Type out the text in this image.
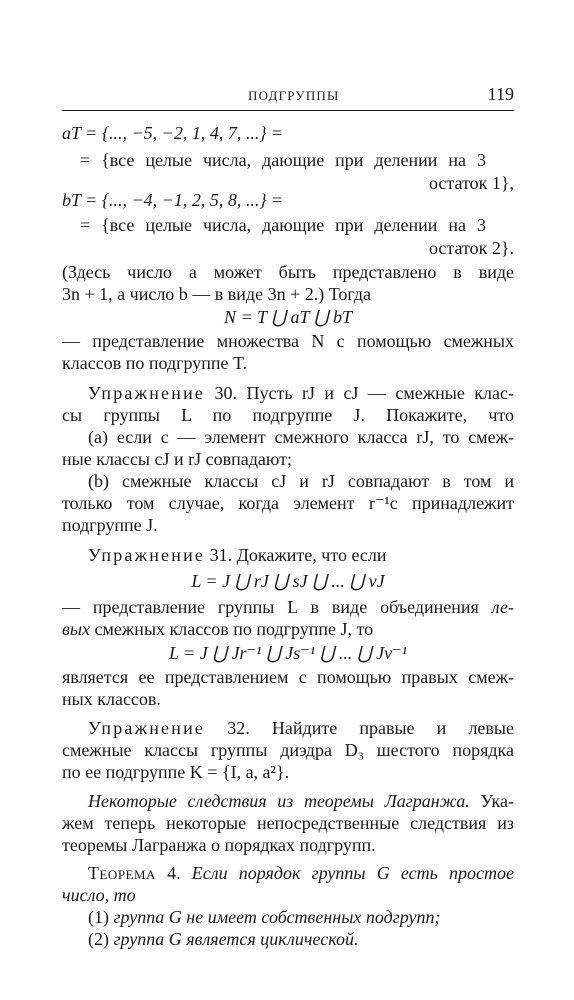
ПОДГРУППЫ	119
aT = {..., −5, −2, 1, 4, 7, ...} =
= {все целые числа, дающие при делении на 3
остаток 1},
bT = {..., −4, −1, 2, 5, 8, ...} =
= {все целые числа, дающие при делении на 3
остаток 2}.
(Здесь число a может быть представлено в виде
3n + 1, а число b — в виде 3n + 2.) Тогда
N = T ⋃ aT ⋃ bT
— представление множества N с помощью смежных
классов по подгруппе T.
Упражнение 30. Пусть rJ и cJ — смежные клас-
сы группы L по подгруппе J. Покажите, что
(a) если c — элемент смежного класса rJ, то смеж-
ные классы cJ и rJ совпадают;
(b) смежные классы cJ и rJ совпадают в том и
только том случае, когда элемент r⁻¹c принадлежит
подгруппе J.
Упражнение 31. Докажите, что если
L = J ⋃ rJ ⋃ sJ ⋃ ... ⋃ vJ
— представление группы L в виде объединения ле-
вых смежных классов по подгруппе J, то
L = J ⋃ Jr⁻¹ ⋃ Js⁻¹ ⋃ ... ⋃ Jv⁻¹
является ее представлением с помощью правых смеж-
ных классов.
Упражнение 32. Найдите правые и левые
смежные классы группы диэдра D₃ шестого порядка
по ее подгруппе K = {I, a, a²}.
Некоторые следствия из теоремы Лагранжа. Ука-
жем теперь некоторые непосредственные следствия из
теоремы Лагранжа о порядках подгрупп.
Теорема 4. Если порядок группы G есть простое
число, то
(1) группа G не имеет собственных подгрупп;
(2) группа G является циклической.
